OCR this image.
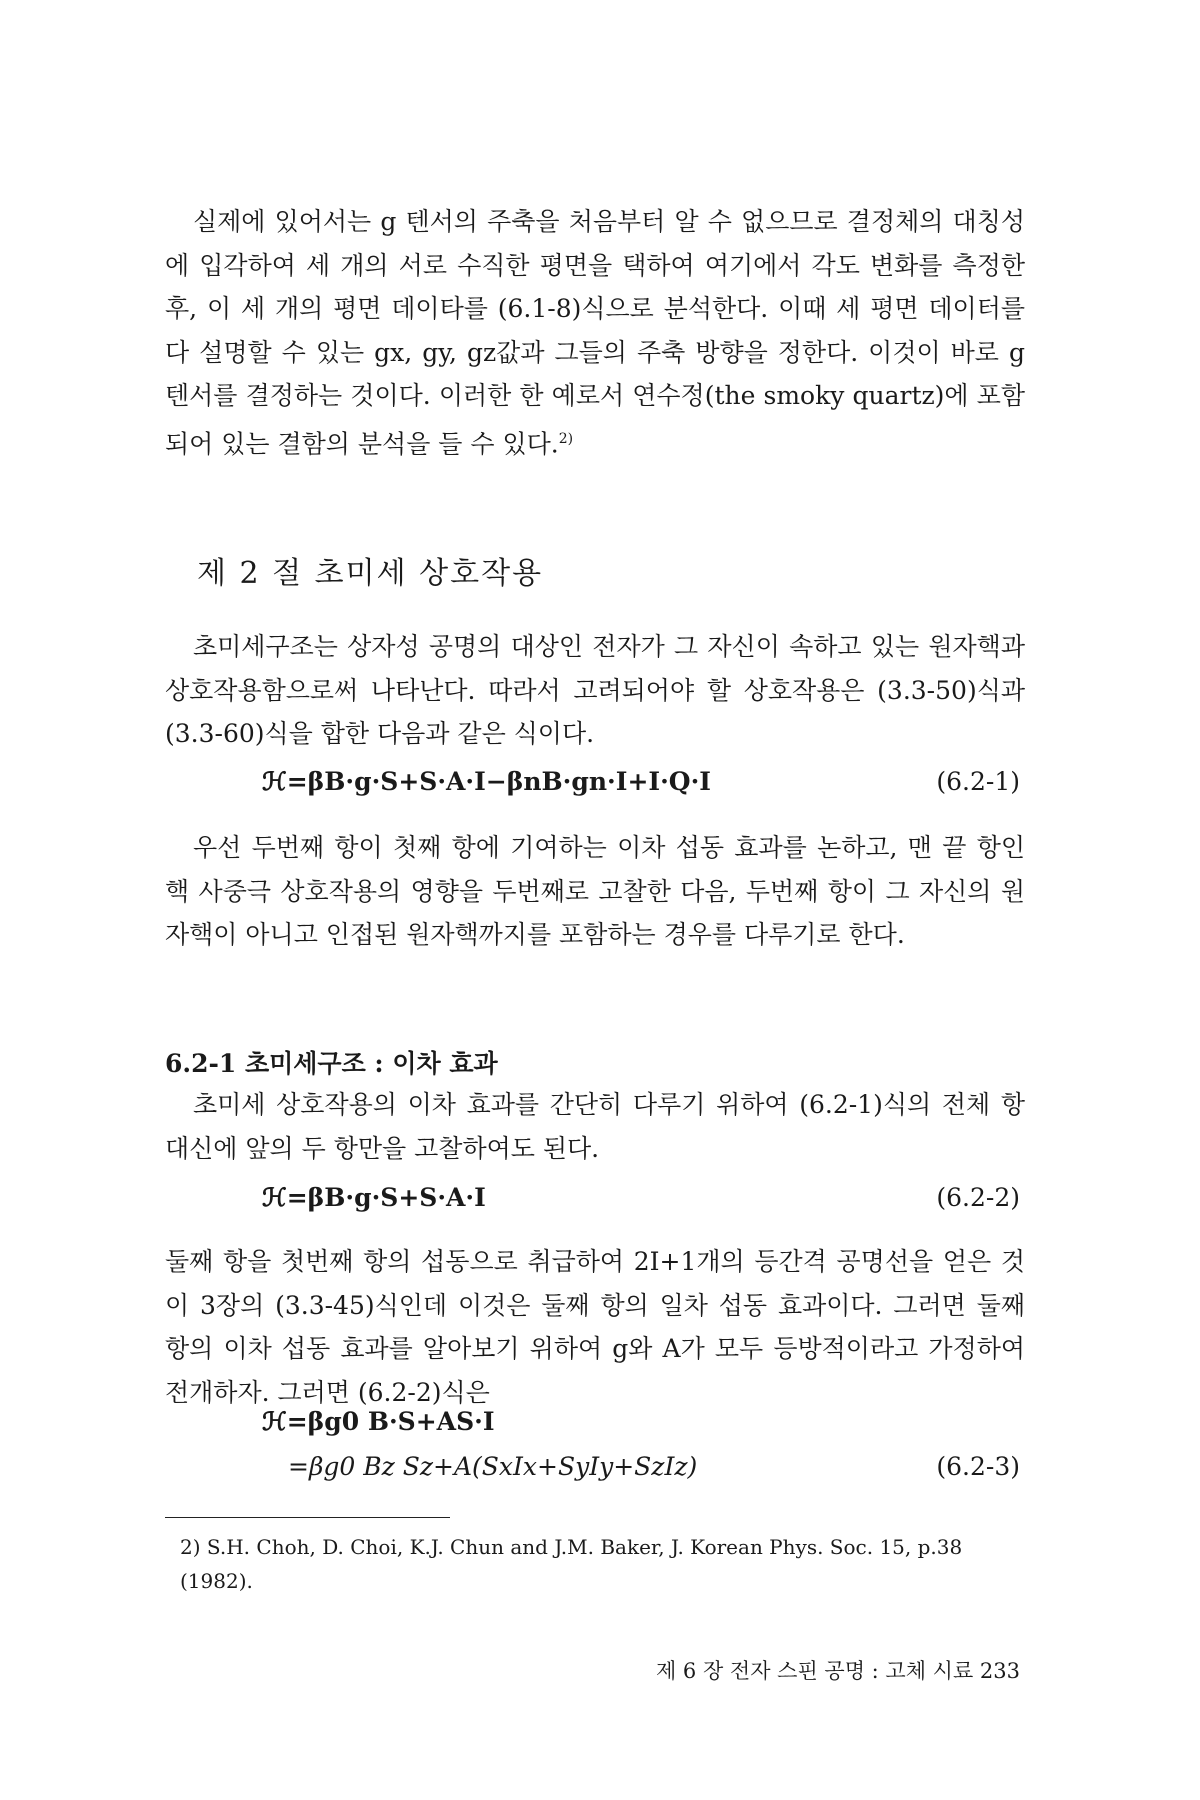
실제에 있어서는 g 텐서의 주축을 처음부터 알 수 없으므로 결정체의 대칭성에 입각하여 세 개의 서로 수직한 평면을 택하여 여기에서 각도 변화를 측정한 후, 이 세 개의 평면 데이타를 (6.1-8)식으로 분석한다. 이때 세 평면 데이터를 다 설명할 수 있는 gx, gy, gz값과 그들의 주축 방향을 정한다. 이것이 바로 g 텐서를 결정하는 것이다. 이러한 한 예로서 연수정(the smoky quartz)에 포함되어 있는 결함의 분석을 들 수 있다.$^{2)}$

제 2 절 초미세 상호작용

초미세구조는 상자성 공명의 대상인 전자가 그 자신이 속하고 있는 원자핵과 상호작용함으로써 나타난다. 따라서 고려되어야 할 상호작용은 (3.3-50)식과 (3.3-60)식을 합한 다음과 같은 식이다.

ℋ=βB·g·S+S·A·I−βnB·gn·I+I·Q·I	(6.2-1)

우선 두번째 항이 첫째 항에 기여하는 이차 섭동 효과를 논하고, 맨 끝 항인 핵 사중극 상호작용의 영향을 두번째로 고찰한 다음, 두번째 항이 그 자신의 원자핵이 아니고 인접된 원자핵까지를 포함하는 경우를 다루기로 한다.

6.2-1 초미세구조 : 이차 효과

초미세 상호작용의 이차 효과를 간단히 다루기 위하여 (6.2-1)식의 전체 항 대신에 앞의 두 항만을 고찰하여도 된다.

ℋ=βB·g·S+S·A·I	(6.2-2)

둘째 항을 첫번째 항의 섭동으로 취급하여 2I+1개의 등간격 공명선을 얻은 것이 3장의 (3.3-45)식인데 이것은 둘째 항의 일차 섭동 효과이다. 그러면 둘째 항의 이차 섭동 효과를 알아보기 위하여 g와 A가 모두 등방적이라고 가정하여 전개하자. 그러면 (6.2-2)식은

ℋ=βg0 B·S+AS·I
=βg0 Bz Sz+A(SxIx+SyIy+SzIz)	(6.2-3)

2) S.H. Choh, D. Choi, K.J. Chun and J.M. Baker, J. Korean Phys. Soc. 15, p.38 (1982).

제 6 장 전자 스핀 공명 : 고체 시료 233
